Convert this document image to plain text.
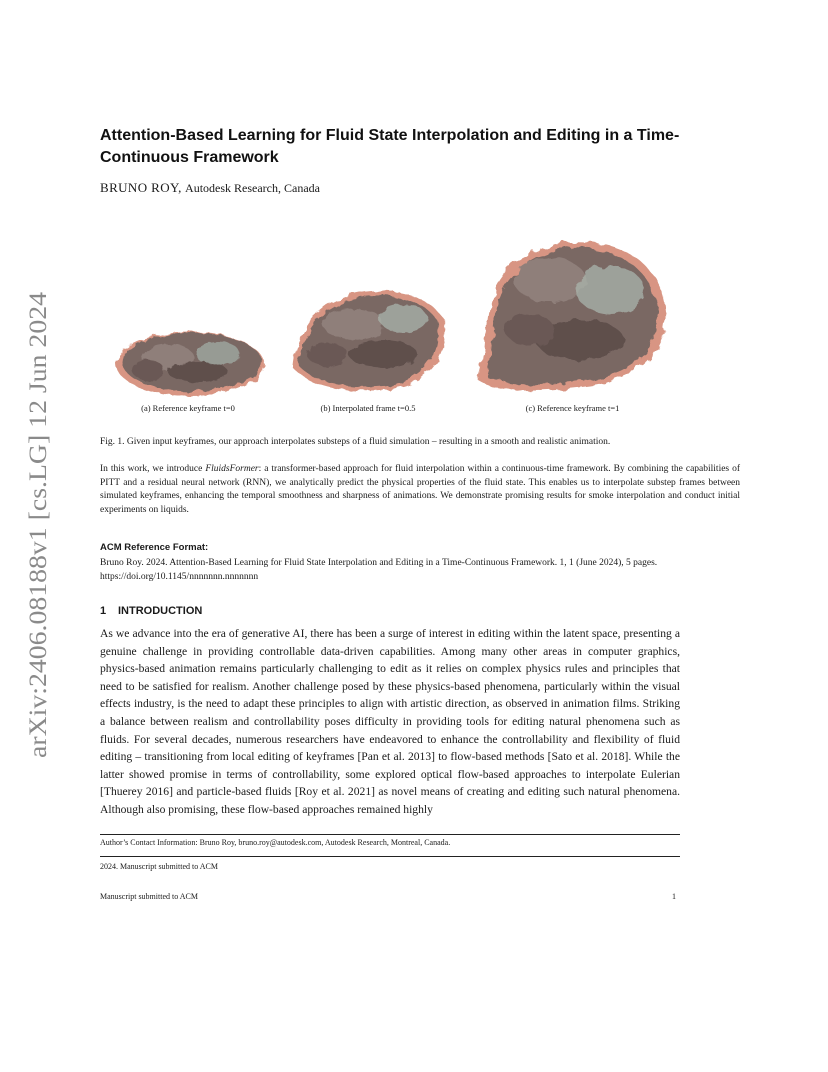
arXiv:2406.08188v1 [cs.LG] 12 Jun 2024
Attention-Based Learning for Fluid State Interpolation and Editing in a Time-Continuous Framework
BRUNO ROY, Autodesk Research, Canada
(a) Reference keyframe t=0	(b) Interpolated frame t=0.5	(c) Reference keyframe t=1

Fig. 1. Given input keyframes, our approach interpolates substeps of a fluid simulation – resulting in a smooth and realistic animation.

In this work, we introduce FluidsFormer: a transformer-based approach for fluid interpolation within a continuous-time framework. By combining the capabilities of PITT and a residual neural network (RNN), we analytically predict the physical properties of the fluid state. This enables us to interpolate substep frames between simulated keyframes, enhancing the temporal smoothness and sharpness of animations. We demonstrate promising results for smoke interpolation and conduct initial experiments on liquids.

ACM Reference Format:

Bruno Roy. 2024. Attention-Based Learning for Fluid State Interpolation and Editing in a Time-Continuous Framework. 1, 1 (June 2024), 5 pages. https://doi.org/10.1145/nnnnnnn.nnnnnnn

1 INTRODUCTION

As we advance into the era of generative AI, there has been a surge of interest in editing within the latent space, presenting a genuine challenge in providing controllable data-driven capabilities. Among many other areas in computer graphics, physics-based animation remains particularly challenging to edit as it relies on complex physics rules and principles that need to be satisfied for realism. Another challenge posed by these physics-based phenomena, particularly within the visual effects industry, is the need to adapt these principles to align with artistic direction, as observed in animation films. Striking a balance between realism and controllability poses difficulty in providing tools for editing natural phenomena such as fluids. For several decades, numerous researchers have endeavored to enhance the controllability and flexibility of fluid editing – transitioning from local editing of keyframes [Pan et al. 2013] to flow-based methods [Sato et al. 2018]. While the latter showed promise in terms of controllability, some explored optical flow-based approaches to interpolate Eulerian [Thuerey 2016] and particle-based fluids [Roy et al. 2021] as novel means of creating and editing such natural phenomena. Although also promising, these flow-based approaches remained highly

Author’s Contact Information: Bruno Roy, bruno.roy@autodesk.com, Autodesk Research, Montreal, Canada.
2024. Manuscript submitted to ACM
Manuscript submitted to ACM	1
